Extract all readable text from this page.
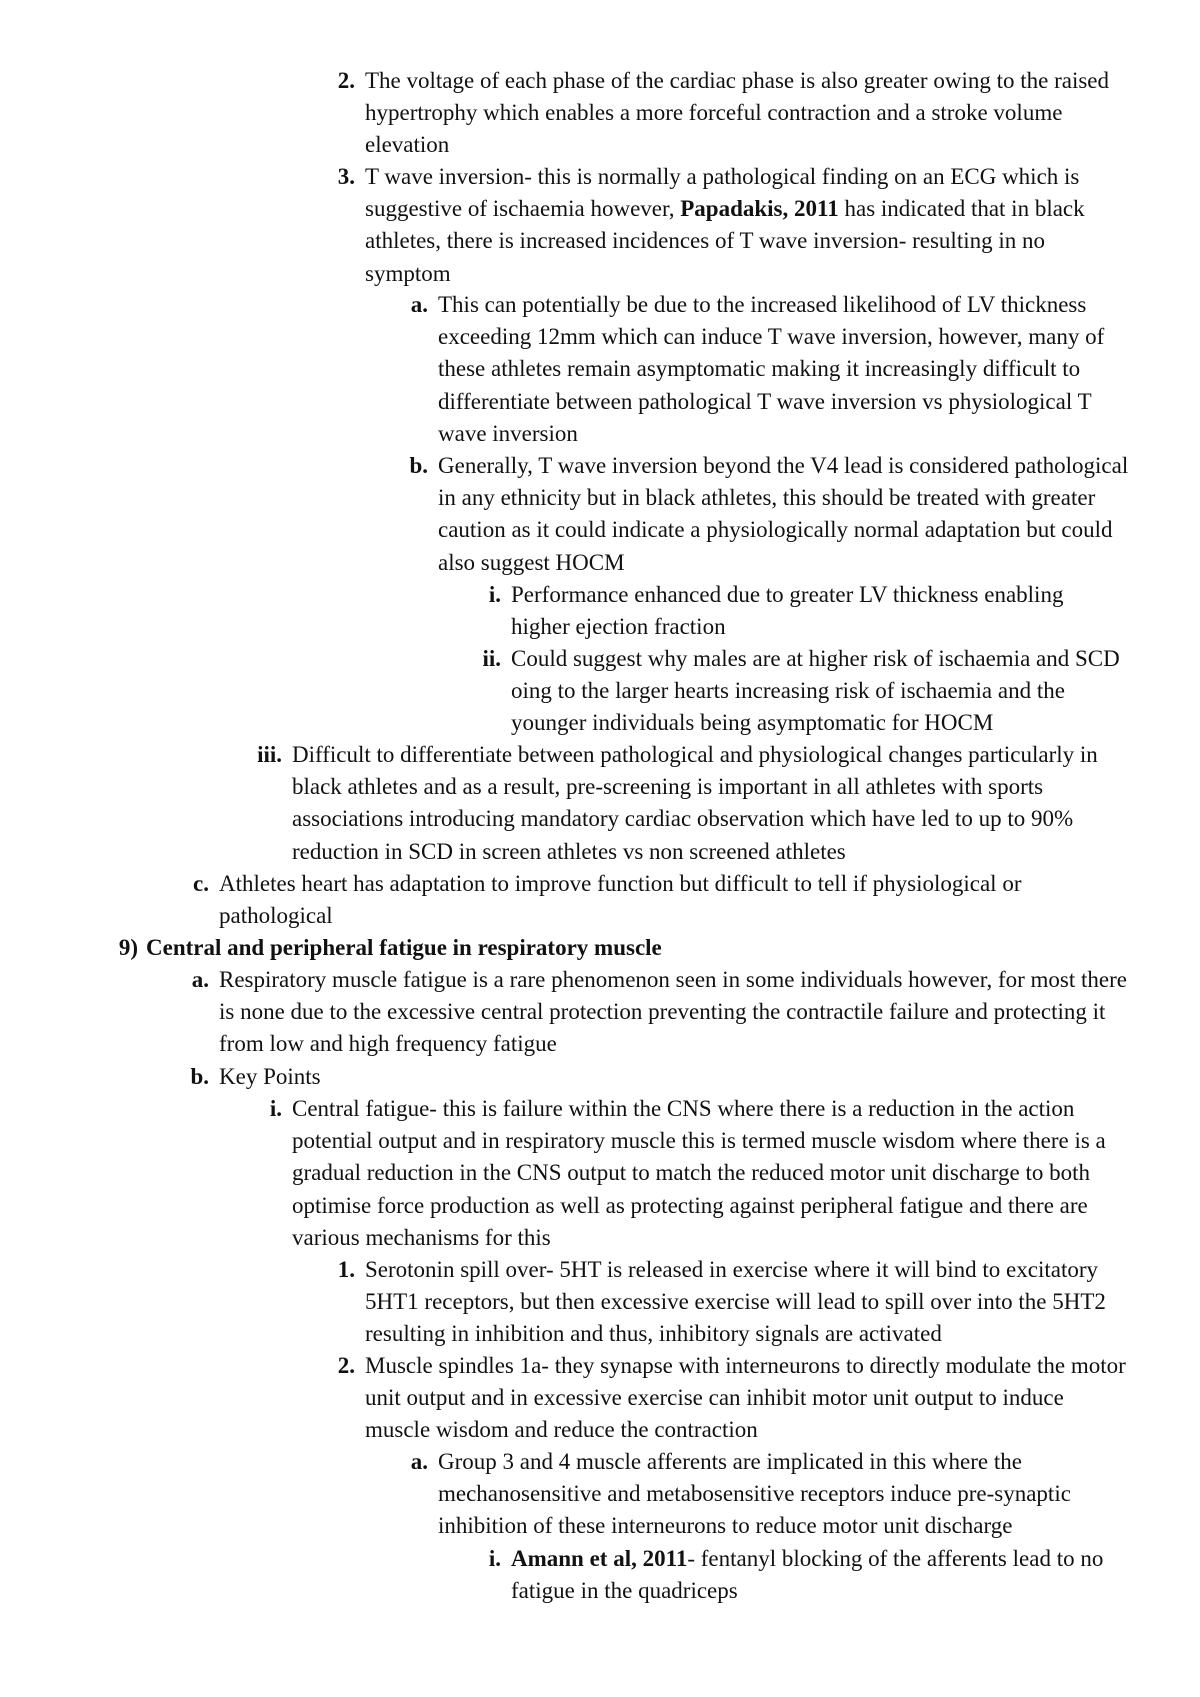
2. The voltage of each phase of the cardiac phase is also greater owing to the raised hypertrophy which enables a more forceful contraction and a stroke volume elevation
3. T wave inversion- this is normally a pathological finding on an ECG which is suggestive of ischaemia however, Papadakis, 2011 has indicated that in black athletes, there is increased incidences of T wave inversion- resulting in no symptom
a. This can potentially be due to the increased likelihood of LV thickness exceeding 12mm which can induce T wave inversion, however, many of these athletes remain asymptomatic making it increasingly difficult to differentiate between pathological T wave inversion vs physiological T wave inversion
b. Generally, T wave inversion beyond the V4 lead is considered pathological in any ethnicity but in black athletes, this should be treated with greater caution as it could indicate a physiologically normal adaptation but could also suggest HOCM
i. Performance enhanced due to greater LV thickness enabling higher ejection fraction
ii. Could suggest why males are at higher risk of ischaemia and SCD oing to the larger hearts increasing risk of ischaemia and the younger individuals being asymptomatic for HOCM
iii. Difficult to differentiate between pathological and physiological changes particularly in black athletes and as a result, pre-screening is important in all athletes with sports associations introducing mandatory cardiac observation which have led to up to 90% reduction in SCD in screen athletes vs non screened athletes
c. Athletes heart has adaptation to improve function but difficult to tell if physiological or pathological
9) Central and peripheral fatigue in respiratory muscle
a. Respiratory muscle fatigue is a rare phenomenon seen in some individuals however, for most there is none due to the excessive central protection preventing the contractile failure and protecting it from low and high frequency fatigue
b. Key Points
i. Central fatigue- this is failure within the CNS where there is a reduction in the action potential output and in respiratory muscle this is termed muscle wisdom where there is a gradual reduction in the CNS output to match the reduced motor unit discharge to both optimise force production as well as protecting against peripheral fatigue and there are various mechanisms for this
1. Serotonin spill over- 5HT is released in exercise where it will bind to excitatory 5HT1 receptors, but then excessive exercise will lead to spill over into the 5HT2 resulting in inhibition and thus, inhibitory signals are activated
2. Muscle spindles 1a- they synapse with interneurons to directly modulate the motor unit output and in excessive exercise can inhibit motor unit output to induce muscle wisdom and reduce the contraction
a. Group 3 and 4 muscle afferents are implicated in this where the mechanosensitive and metabosensitive receptors induce pre-synaptic inhibition of these interneurons to reduce motor unit discharge
i. Amann et al, 2011- fentanyl blocking of the afferents lead to no fatigue in the quadriceps
